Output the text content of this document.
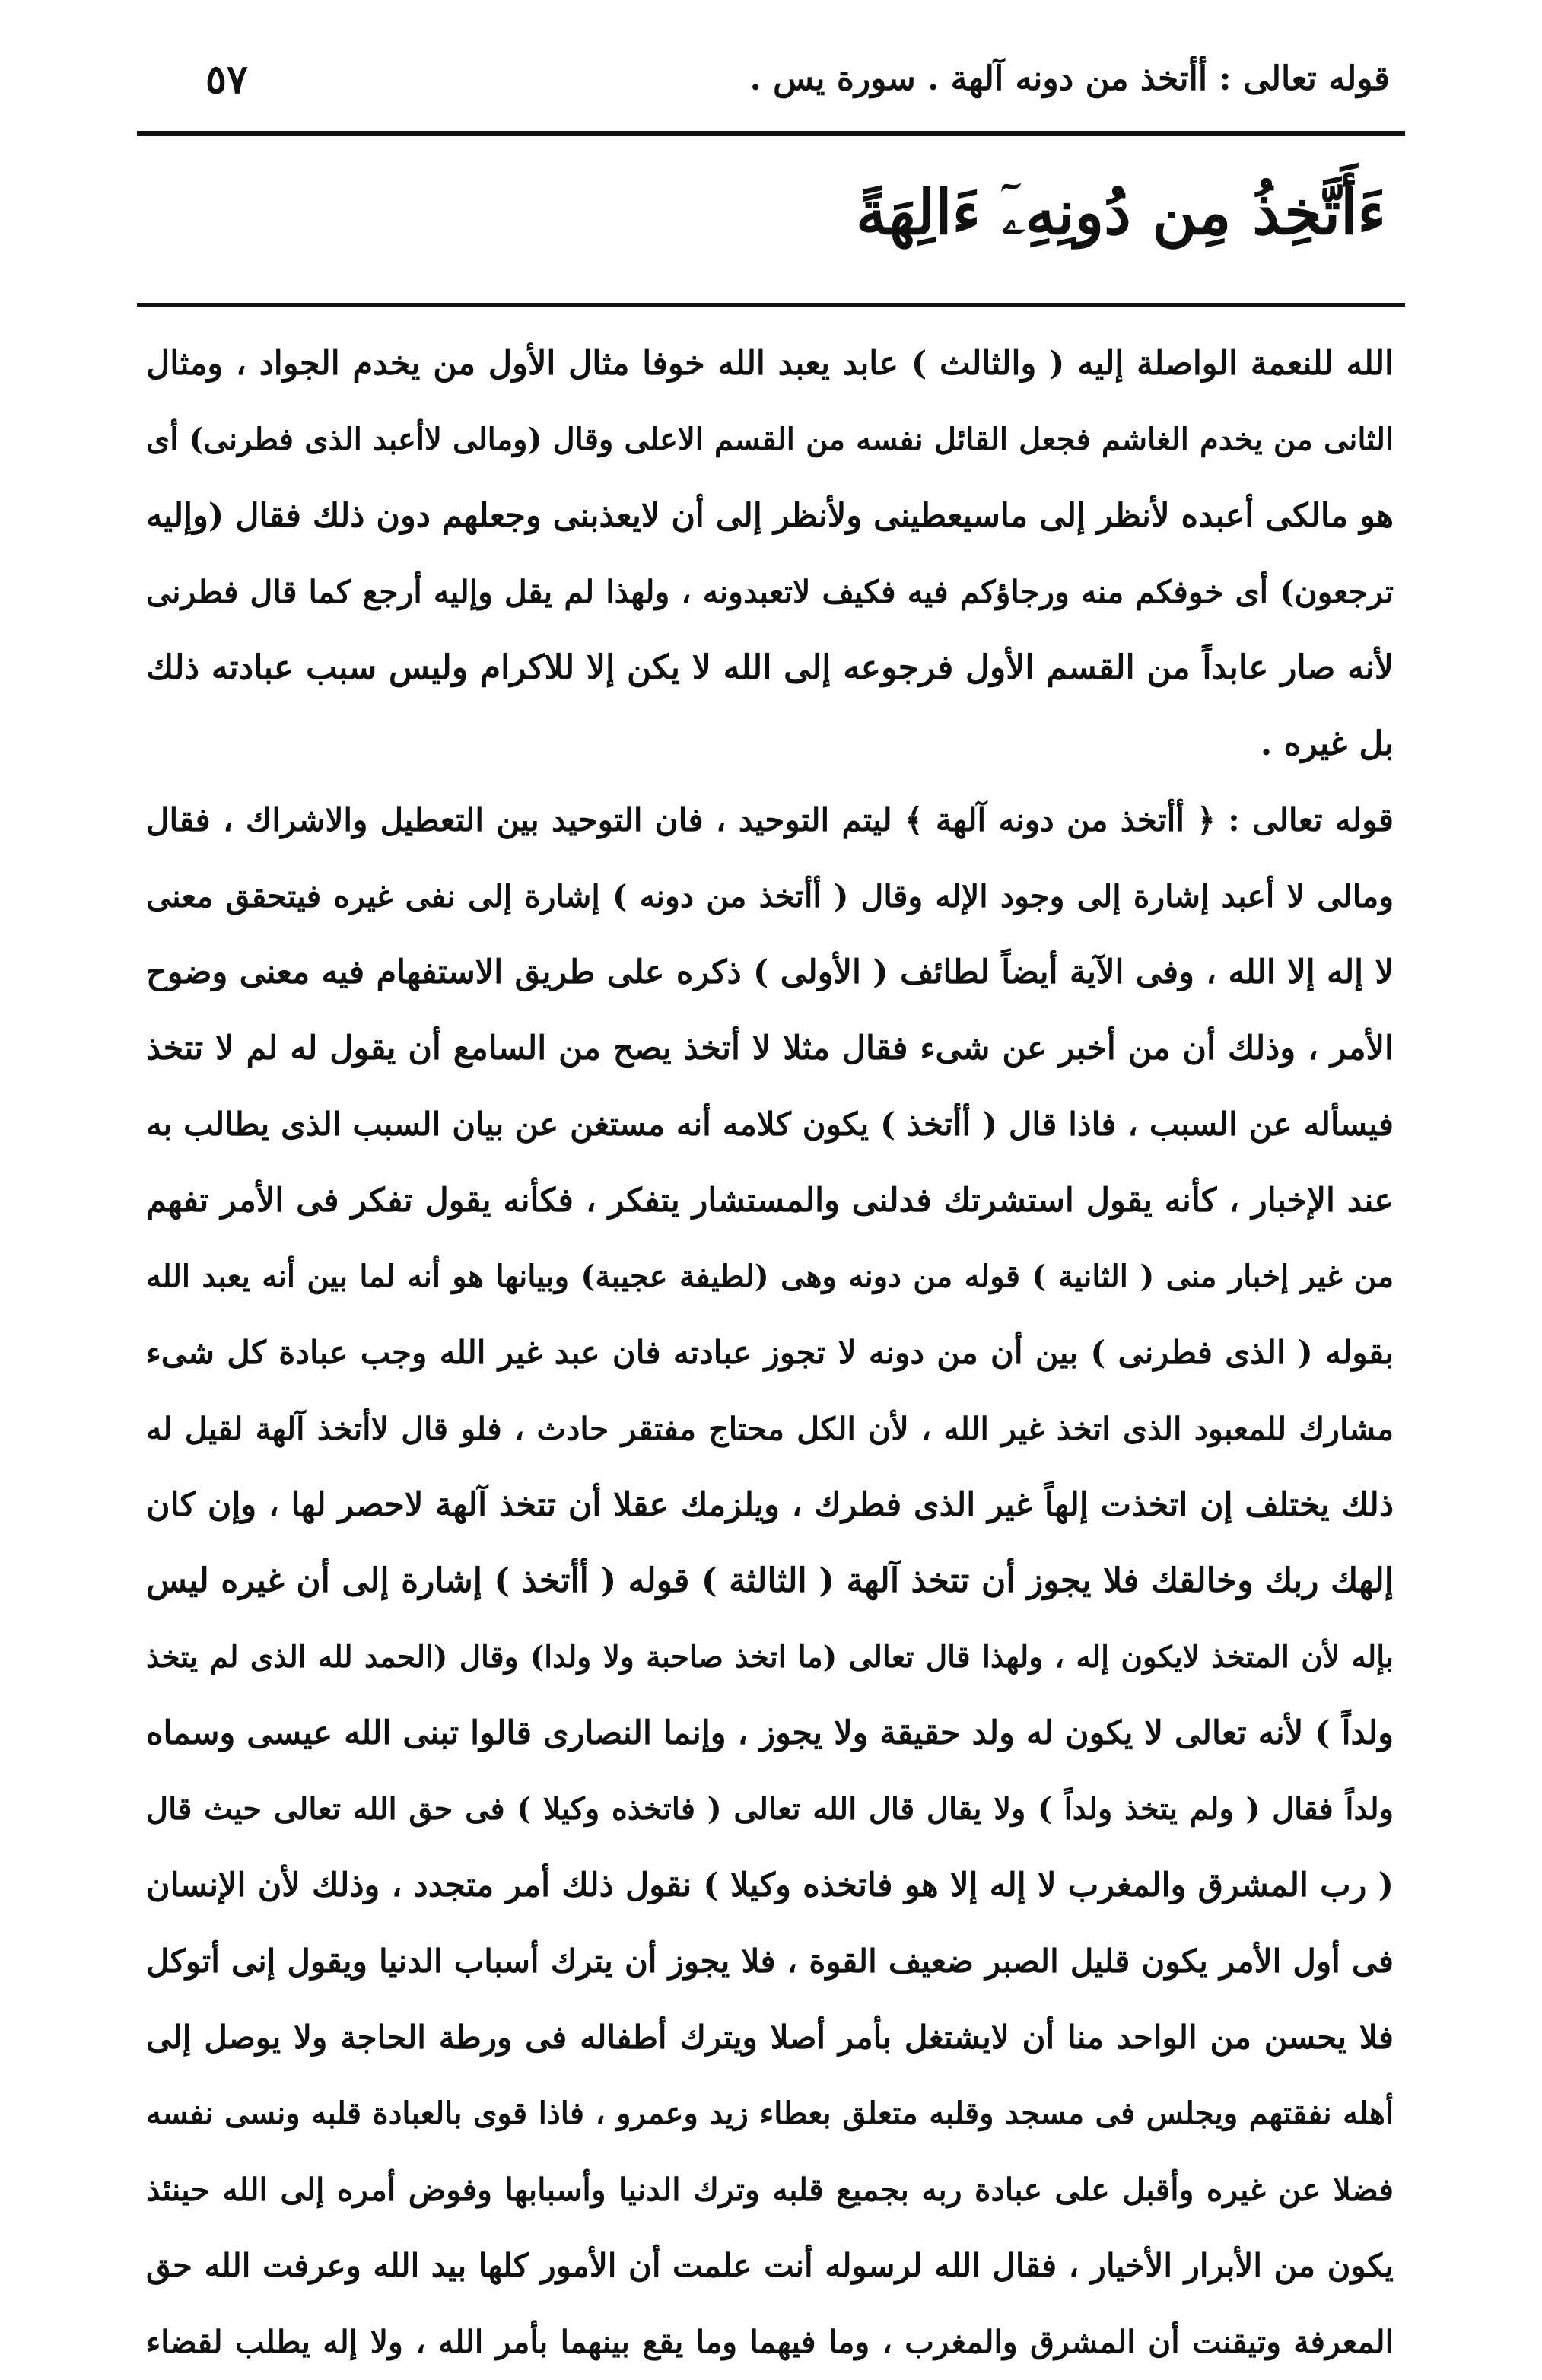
قوله تعالى : أأتخذ من دونه آلهة . سورة يس .
٥٧
ءَأَتَّخِذُ مِن دُونِهِۦٓ ءَالِهَةً
الله للنعمة الواصلة إليه ( والثالث ) عابد يعبد الله خوفا مثال الأول من يخدم الجواد ، ومثال
الثانى من يخدم الغاشم فجعل القائل نفسه من القسم الاعلى وقال (ومالى لاأعبد الذى فطرنى) أى
هو مالكى أعبده لأنظر إلى ماسيعطينى ولأنظر إلى أن لايعذبنى وجعلهم دون ذلك فقال (وإليه
ترجعون) أى خوفكم منه ورجاؤكم فيه فكيف لاتعبدونه ، ولهذا لم يقل وإليه أرجع كما قال فطرنى
لأنه صار عابداً من القسم الأول فرجوعه إلى الله لا يكن إلا للاكرام وليس سبب عبادته ذلك
بل غيره .
قوله تعالى : ﴿ أأتخذ من دونه آلهة ﴾ ليتم التوحيد ، فان التوحيد بين التعطيل والاشراك ، فقال
ومالى لا أعبد إشارة إلى وجود الإله وقال ( أأتخذ من دونه ) إشارة إلى نفى غيره فيتحقق معنى
لا إله إلا الله ، وفى الآية أيضاً لطائف ( الأولى ) ذكره على طريق الاستفهام فيه معنى وضوح
الأمر ، وذلك أن من أخبر عن شىء فقال مثلا لا أتخذ يصح من السامع أن يقول له لم لا تتخذ
فيسأله عن السبب ، فاذا قال ( أأتخذ ) يكون كلامه أنه مستغن عن بيان السبب الذى يطالب به
عند الإخبار ، كأنه يقول استشرتك فدلنى والمستشار يتفكر ، فكأنه يقول تفكر فى الأمر تفهم
من غير إخبار منى ( الثانية ) قوله من دونه وهى (لطيفة عجيبة) وبيانها هو أنه لما بين أنه يعبد الله
بقوله ( الذى فطرنى ) بين أن من دونه لا تجوز عبادته فان عبد غير الله وجب عبادة كل شىء
مشارك للمعبود الذى اتخذ غير الله ، لأن الكل محتاج مفتقر حادث ، فلو قال لاأتخذ آلهة لقيل له
ذلك يختلف إن اتخذت إلهاً غير الذى فطرك ، ويلزمك عقلا أن تتخذ آلهة لاحصر لها ، وإن كان
إلهك ربك وخالقك فلا يجوز أن تتخذ آلهة ( الثالثة ) قوله ( أأتخذ ) إشارة إلى أن غيره ليس
بإله لأن المتخذ لايكون إله ، ولهذا قال تعالى (ما اتخذ صاحبة ولا ولدا) وقال (الحمد لله الذى لم يتخذ
ولداً ) لأنه تعالى لا يكون له ولد حقيقة ولا يجوز ، وإنما النصارى قالوا تبنى الله عيسى وسماه
ولداً فقال ( ولم يتخذ ولداً ) ولا يقال قال الله تعالى ( فاتخذه وكيلا ) فى حق الله تعالى حيث قال
( رب المشرق والمغرب لا إله إلا هو فاتخذه وكيلا ) نقول ذلك أمر متجدد ، وذلك لأن الإنسان
فى أول الأمر يكون قليل الصبر ضعيف القوة ، فلا يجوز أن يترك أسباب الدنيا ويقول إنى أتوكل
فلا يحسن من الواحد منا أن لايشتغل بأمر أصلا ويترك أطفاله فى ورطة الحاجة ولا يوصل إلى
أهله نفقتهم ويجلس فى مسجد وقلبه متعلق بعطاء زيد وعمرو ، فاذا قوى بالعبادة قلبه ونسى نفسه
فضلا عن غيره وأقبل على عبادة ربه بجميع قلبه وترك الدنيا وأسبابها وفوض أمره إلى الله حينئذ
يكون من الأبرار الأخيار ، فقال الله لرسوله أنت علمت أن الأمور كلها بيد الله وعرفت الله حق
المعرفة وتيقنت أن المشرق والمغرب ، وما فيهما وما يقع بينهما بأمر الله ، ولا إله يطلب لقضاء
